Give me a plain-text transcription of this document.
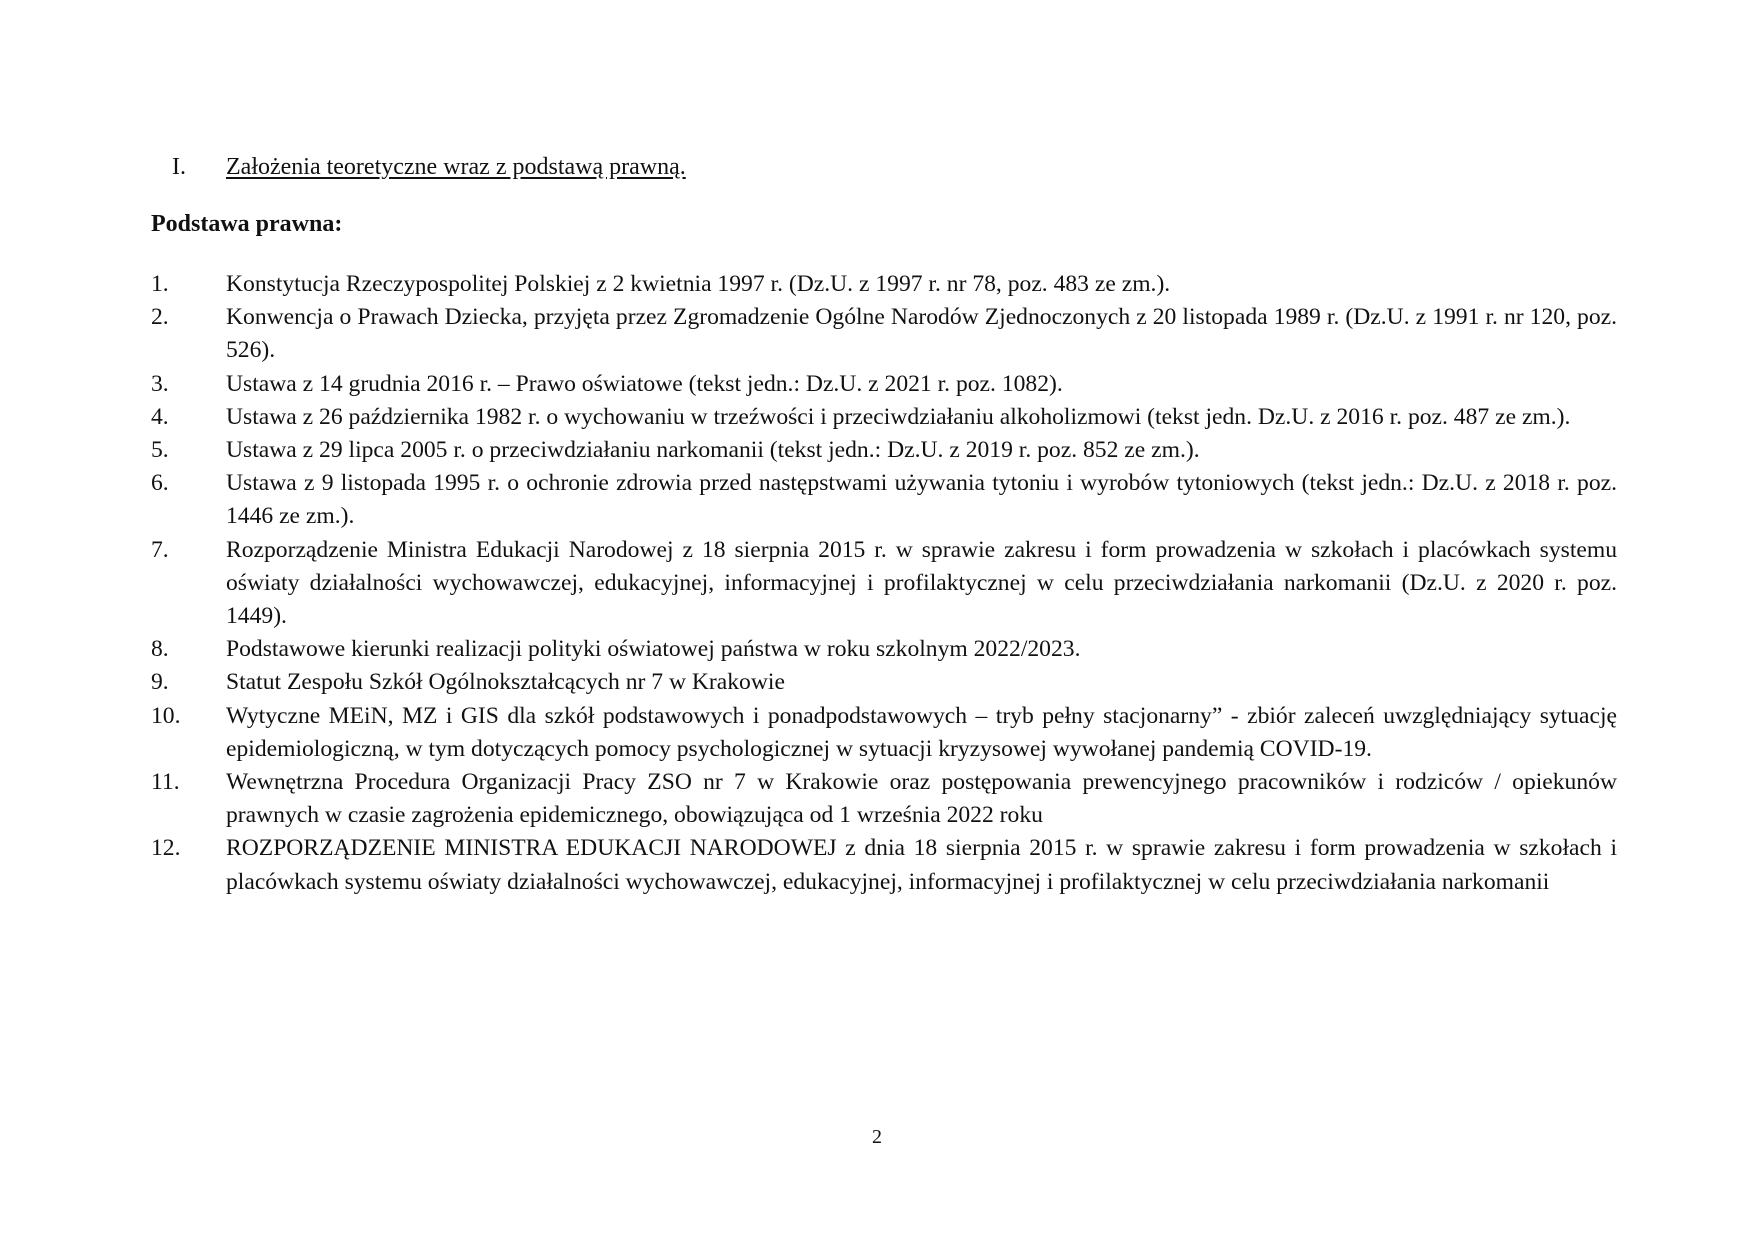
I. Założenia teoretyczne wraz z podstawą prawną.
Podstawa prawna:
1.	Konstytucja Rzeczypospolitej Polskiej z 2 kwietnia 1997 r. (Dz.U. z 1997 r. nr 78, poz. 483 ze zm.).
2.	Konwencja o Prawach Dziecka, przyjęta przez Zgromadzenie Ogólne Narodów Zjednoczonych z 20 listopada 1989 r. (Dz.U. z 1991 r. nr 120, poz. 526).
3.	Ustawa z 14 grudnia 2016 r. – Prawo oświatowe (tekst jedn.: Dz.U. z 2021 r. poz. 1082).
4.	Ustawa z 26 października 1982 r. o wychowaniu w trzeźwości i przeciwdziałaniu alkoholizmowi (tekst jedn. Dz.U. z 2016 r. poz. 487 ze zm.).
5.	Ustawa z 29 lipca 2005 r. o przeciwdziałaniu narkomanii (tekst jedn.: Dz.U. z 2019 r. poz. 852 ze zm.).
6.	Ustawa z 9 listopada 1995 r. o ochronie zdrowia przed następstwami używania tytoniu i wyrobów tytoniowych (tekst jedn.: Dz.U. z 2018 r. poz. 1446 ze zm.).
7.	Rozporządzenie Ministra Edukacji Narodowej z 18 sierpnia 2015 r. w sprawie zakresu i form prowadzenia w szkołach i placówkach systemu oświaty działalności wychowawczej, edukacyjnej, informacyjnej i profilaktycznej w celu przeciwdziałania narkomanii (Dz.U. z 2020 r. poz. 1449).
8.	Podstawowe kierunki realizacji polityki oświatowej państwa w roku szkolnym 2022/2023.
9.	Statut Zespołu Szkół Ogólnokształcących nr 7 w Krakowie
10.	Wytyczne MEiN, MZ i GIS dla szkół podstawowych i ponadpodstawowych – tryb pełny stacjonarny” - zbiór zaleceń uwzględniający sytuację epidemiologiczną, w tym dotyczących pomocy psychologicznej w sytuacji kryzysowej wywołanej pandemią COVID-19.
11.	Wewnętrzna Procedura Organizacji Pracy ZSO nr 7 w Krakowie oraz postępowania prewencyjnego pracowników i rodziców / opiekunów prawnych w czasie zagrożenia epidemicznego, obowiązująca od 1 września 2022 roku
12.	ROZPORZĄDZENIE MINISTRA EDUKACJI NARODOWEJ z dnia 18 sierpnia 2015 r. w sprawie zakresu i form prowadzenia w szkołach i placówkach systemu oświaty działalności wychowawczej, edukacyjnej, informacyjnej i profilaktycznej w celu przeciwdziałania narkomanii
2
